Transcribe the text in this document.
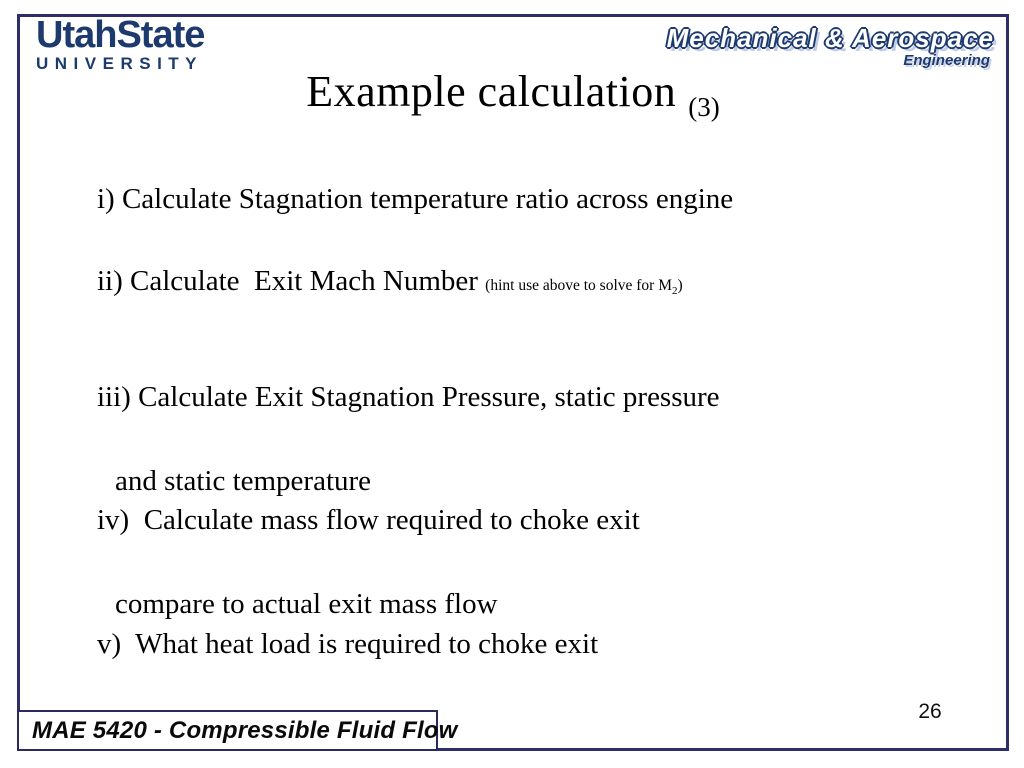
UtahState
UNIVERSITY
Mechanical & Aerospace
Engineering
Example calculation (3)

i) Calculate Stagnation temperature ratio across engine

ii) Calculate  Exit Mach Number (hint use above to solve for $M_2$)

iii) Calculate Exit Stagnation Pressure, static pressure

and static temperature

iv)  Calculate mass flow required to choke exit

compare to actual exit mass flow

v)  What heat load is required to choke exit

MAE 5420 - Compressible Fluid Flow
26
